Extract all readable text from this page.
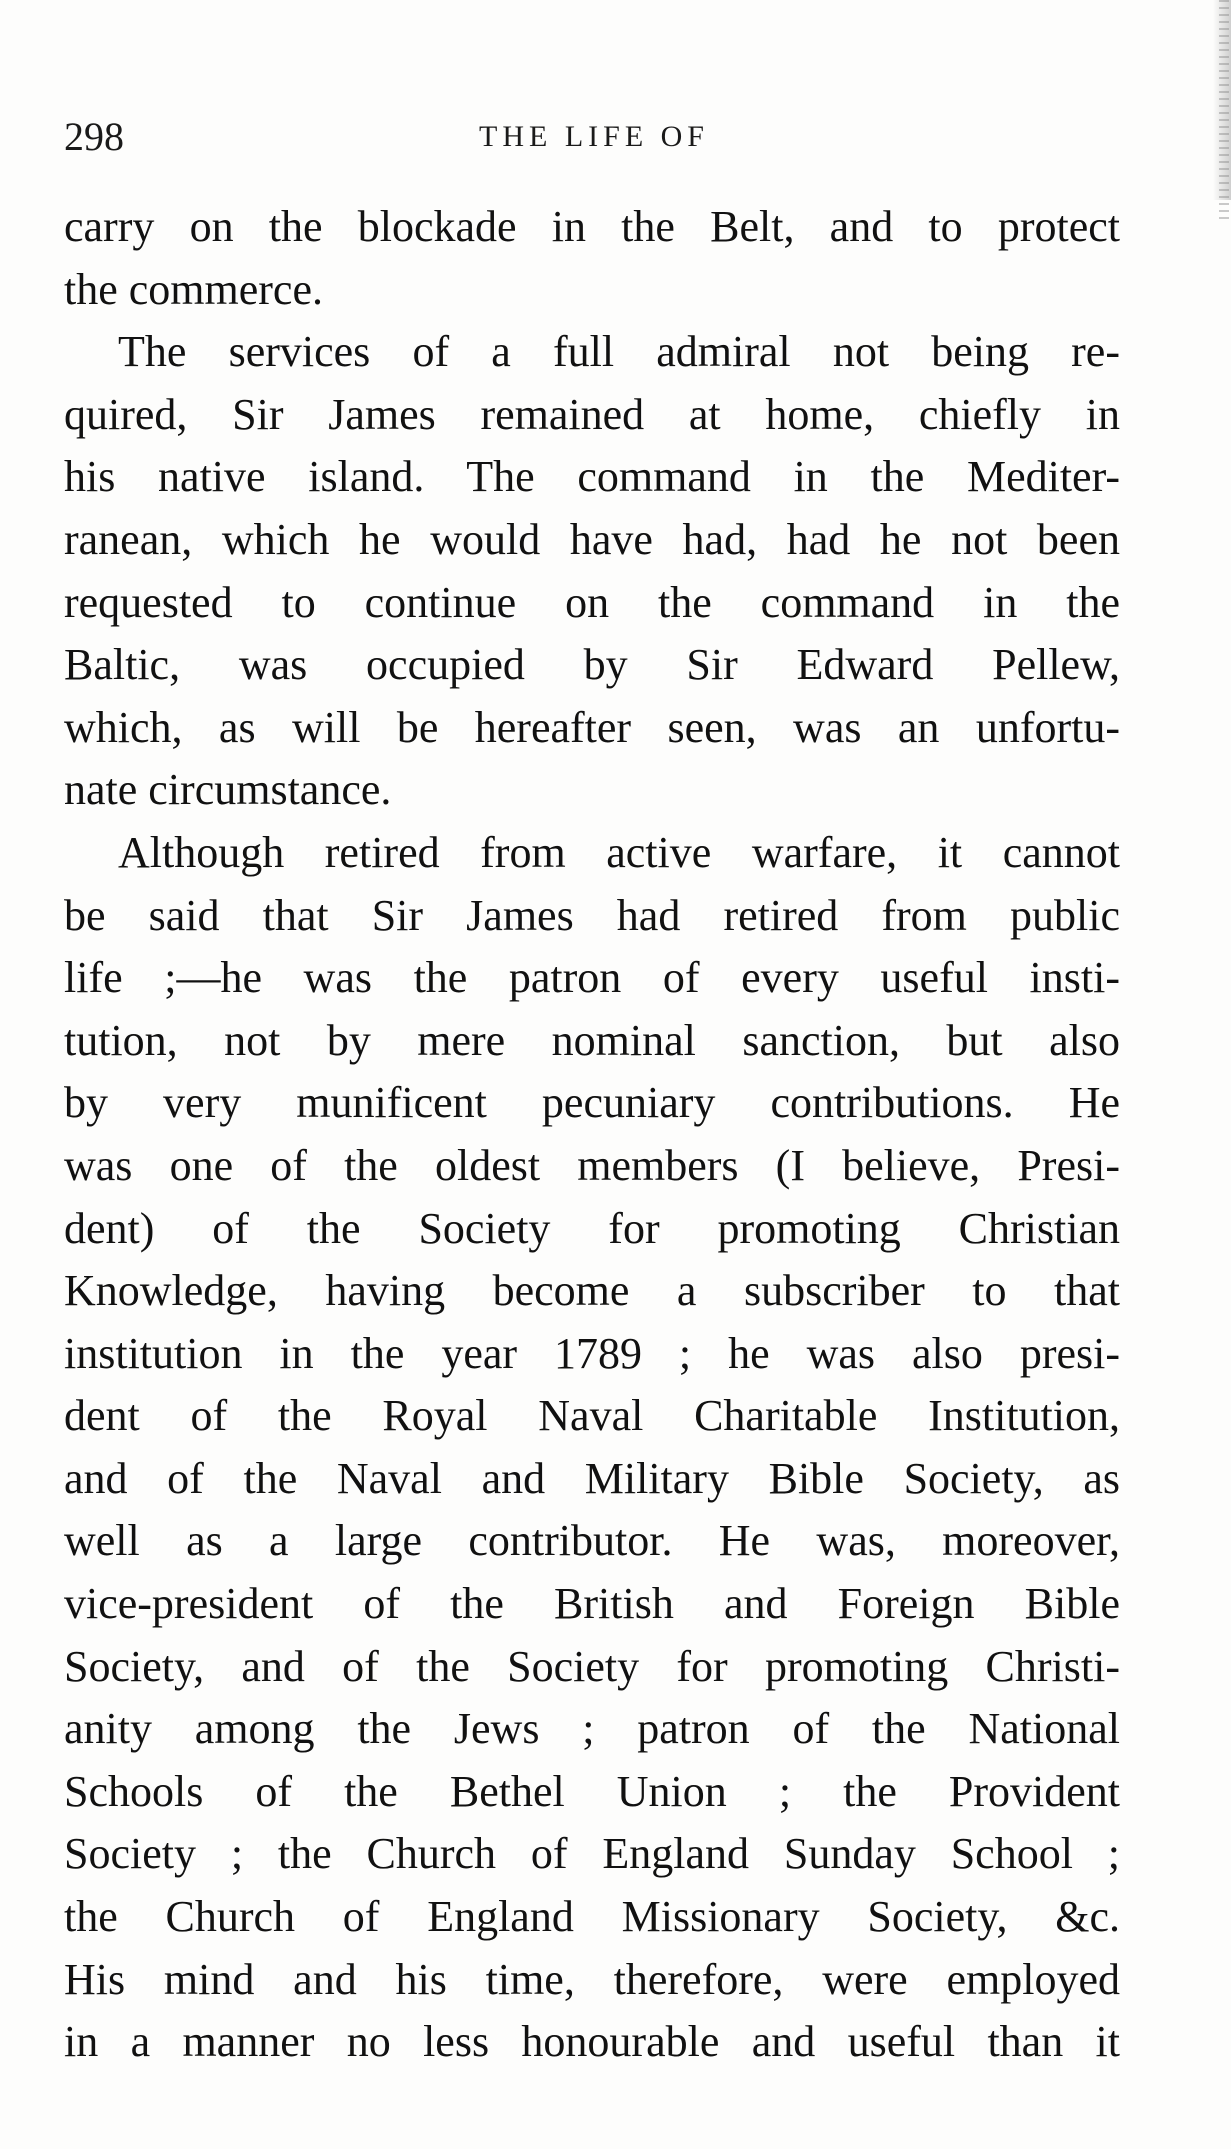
THE LIFE OF
298
carry on the blockade in the Belt, and to protect
the commerce.
The services of a full admiral not being re-
quired, Sir James remained at home, chiefly in
his native island. The command in the Mediter-
ranean, which he would have had, had he not been
requested to continue on the command in the
Baltic, was occupied by Sir Edward Pellew,
which, as will be hereafter seen, was an unfortu-
nate circumstance.
Although retired from active warfare, it cannot
be said that Sir James had retired from public
life ;—he was the patron of every useful insti-
tution, not by mere nominal sanction, but also
by very munificent pecuniary contributions. He
was one of the oldest members (I believe, Presi-
dent) of the Society for promoting Christian
Knowledge, having become a subscriber to that
institution in the year 1789 ; he was also presi-
dent of the Royal Naval Charitable Institution,
and of the Naval and Military Bible Society, as
well as a large contributor. He was, moreover,
vice-president of the British and Foreign Bible
Society, and of the Society for promoting Christi-
anity among the Jews ; patron of the National
Schools of the Bethel Union ; the Provident
Society ; the Church of England Sunday School ;
the Church of England Missionary Society, &c.
His mind and his time, therefore, were employed
in a manner no less honourable and useful than it
